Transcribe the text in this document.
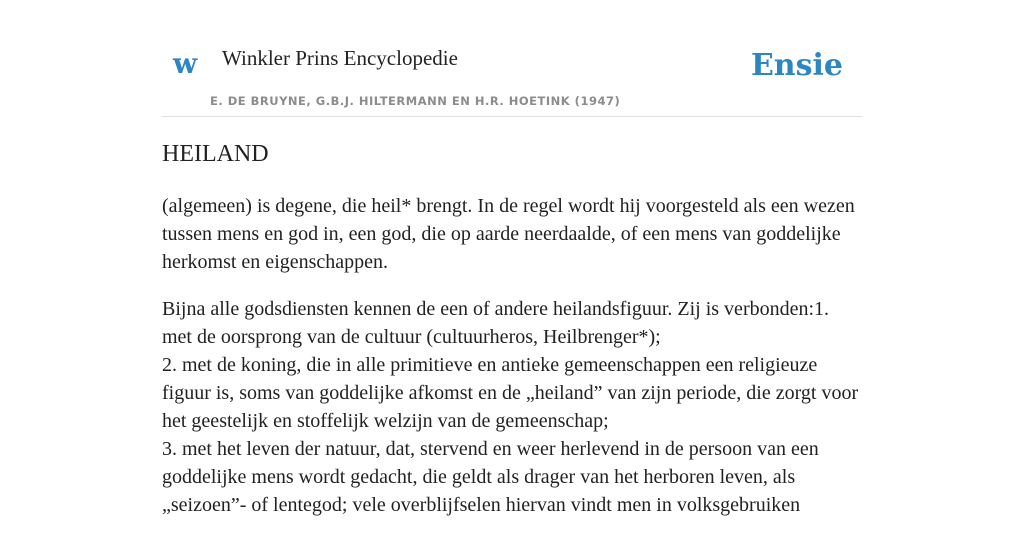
w Winkler Prins Encyclopedie
E. DE BRUYNE, G.B.J. HILTERMANN EN H.R. HOETINK (1947)
Ensie
HEILAND

(algemeen) is degene, die heil* brengt. In de regel wordt hij voorgesteld als een wezen tussen mens en god in, een god, die op aarde neerdaalde, of een mens van goddelijke herkomst en eigenschappen.

Bijna alle godsdiensten kennen de een of andere heilandsfiguur. Zij is verbonden:1. met de oorsprong van de cultuur (cultuurheros, Heilbrenger*);
2. met de koning, die in alle primitieve en antieke gemeenschappen een religieuze figuur is, soms van goddelijke afkomst en de „heiland” van zijn periode, die zorgt voor het geestelijk en stoffelijk welzijn van de gemeenschap;
3. met het leven der natuur, dat, stervend en weer herlevend in de persoon van een goddelijke mens wordt gedacht, die geldt als drager van het herboren leven, als „seizoen”- of lentegod; vele overblijfselen hiervan vindt men in volksgebruiken
